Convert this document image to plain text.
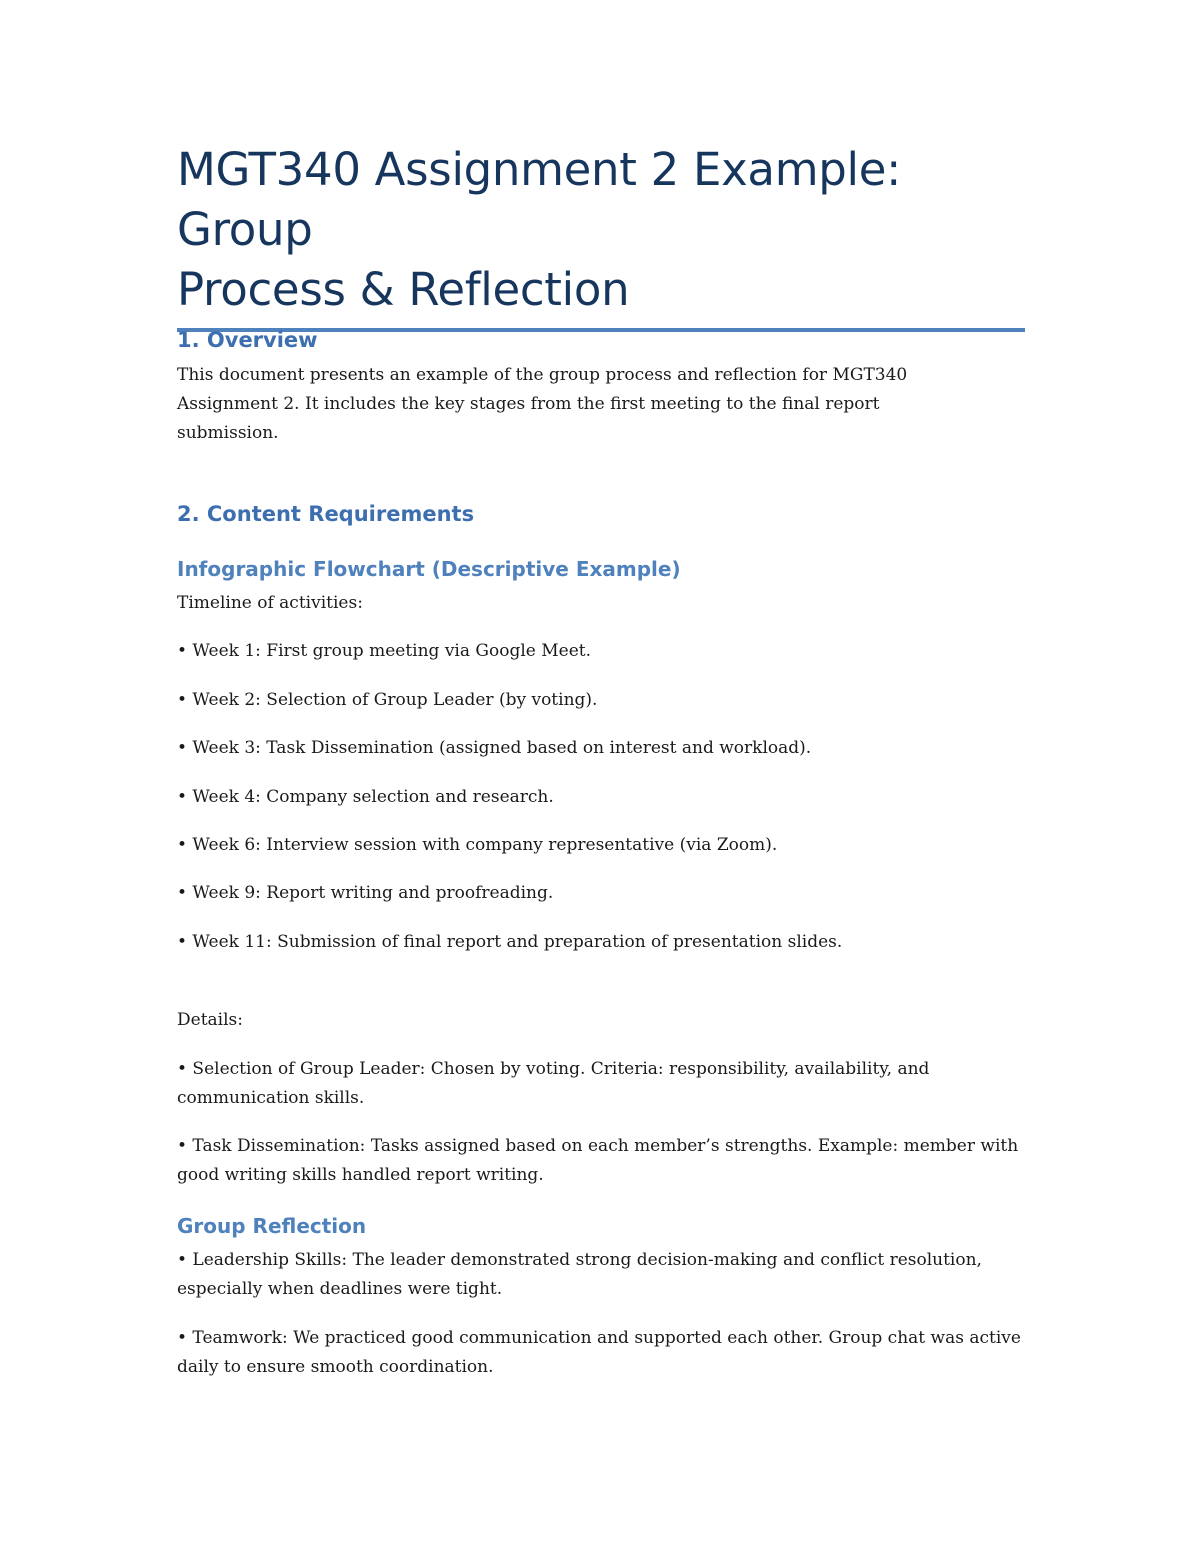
MGT340 Assignment 2 Example: Group
Process & Reflection
1. Overview

This document presents an example of the group process and reflection for MGT340 Assignment 2. It includes the key stages from the first meeting to the final report submission.

2. Content Requirements
Infographic Flowchart (Descriptive Example)

Timeline of activities:

• Week 1: First group meeting via Google Meet.

• Week 2: Selection of Group Leader (by voting).

• Week 3: Task Dissemination (assigned based on interest and workload).

• Week 4: Company selection and research.

• Week 6: Interview session with company representative (via Zoom).

• Week 9: Report writing and proofreading.

• Week 11: Submission of final report and preparation of presentation slides.

Details:

• Selection of Group Leader: Chosen by voting. Criteria: responsibility, availability, and communication skills.

• Task Dissemination: Tasks assigned based on each member’s strengths. Example: member with good writing skills handled report writing.

Group Reflection

• Leadership Skills: The leader demonstrated strong decision-making and conflict resolution, especially when deadlines were tight.

• Teamwork: We practiced good communication and supported each other. Group chat was active daily to ensure smooth coordination.
